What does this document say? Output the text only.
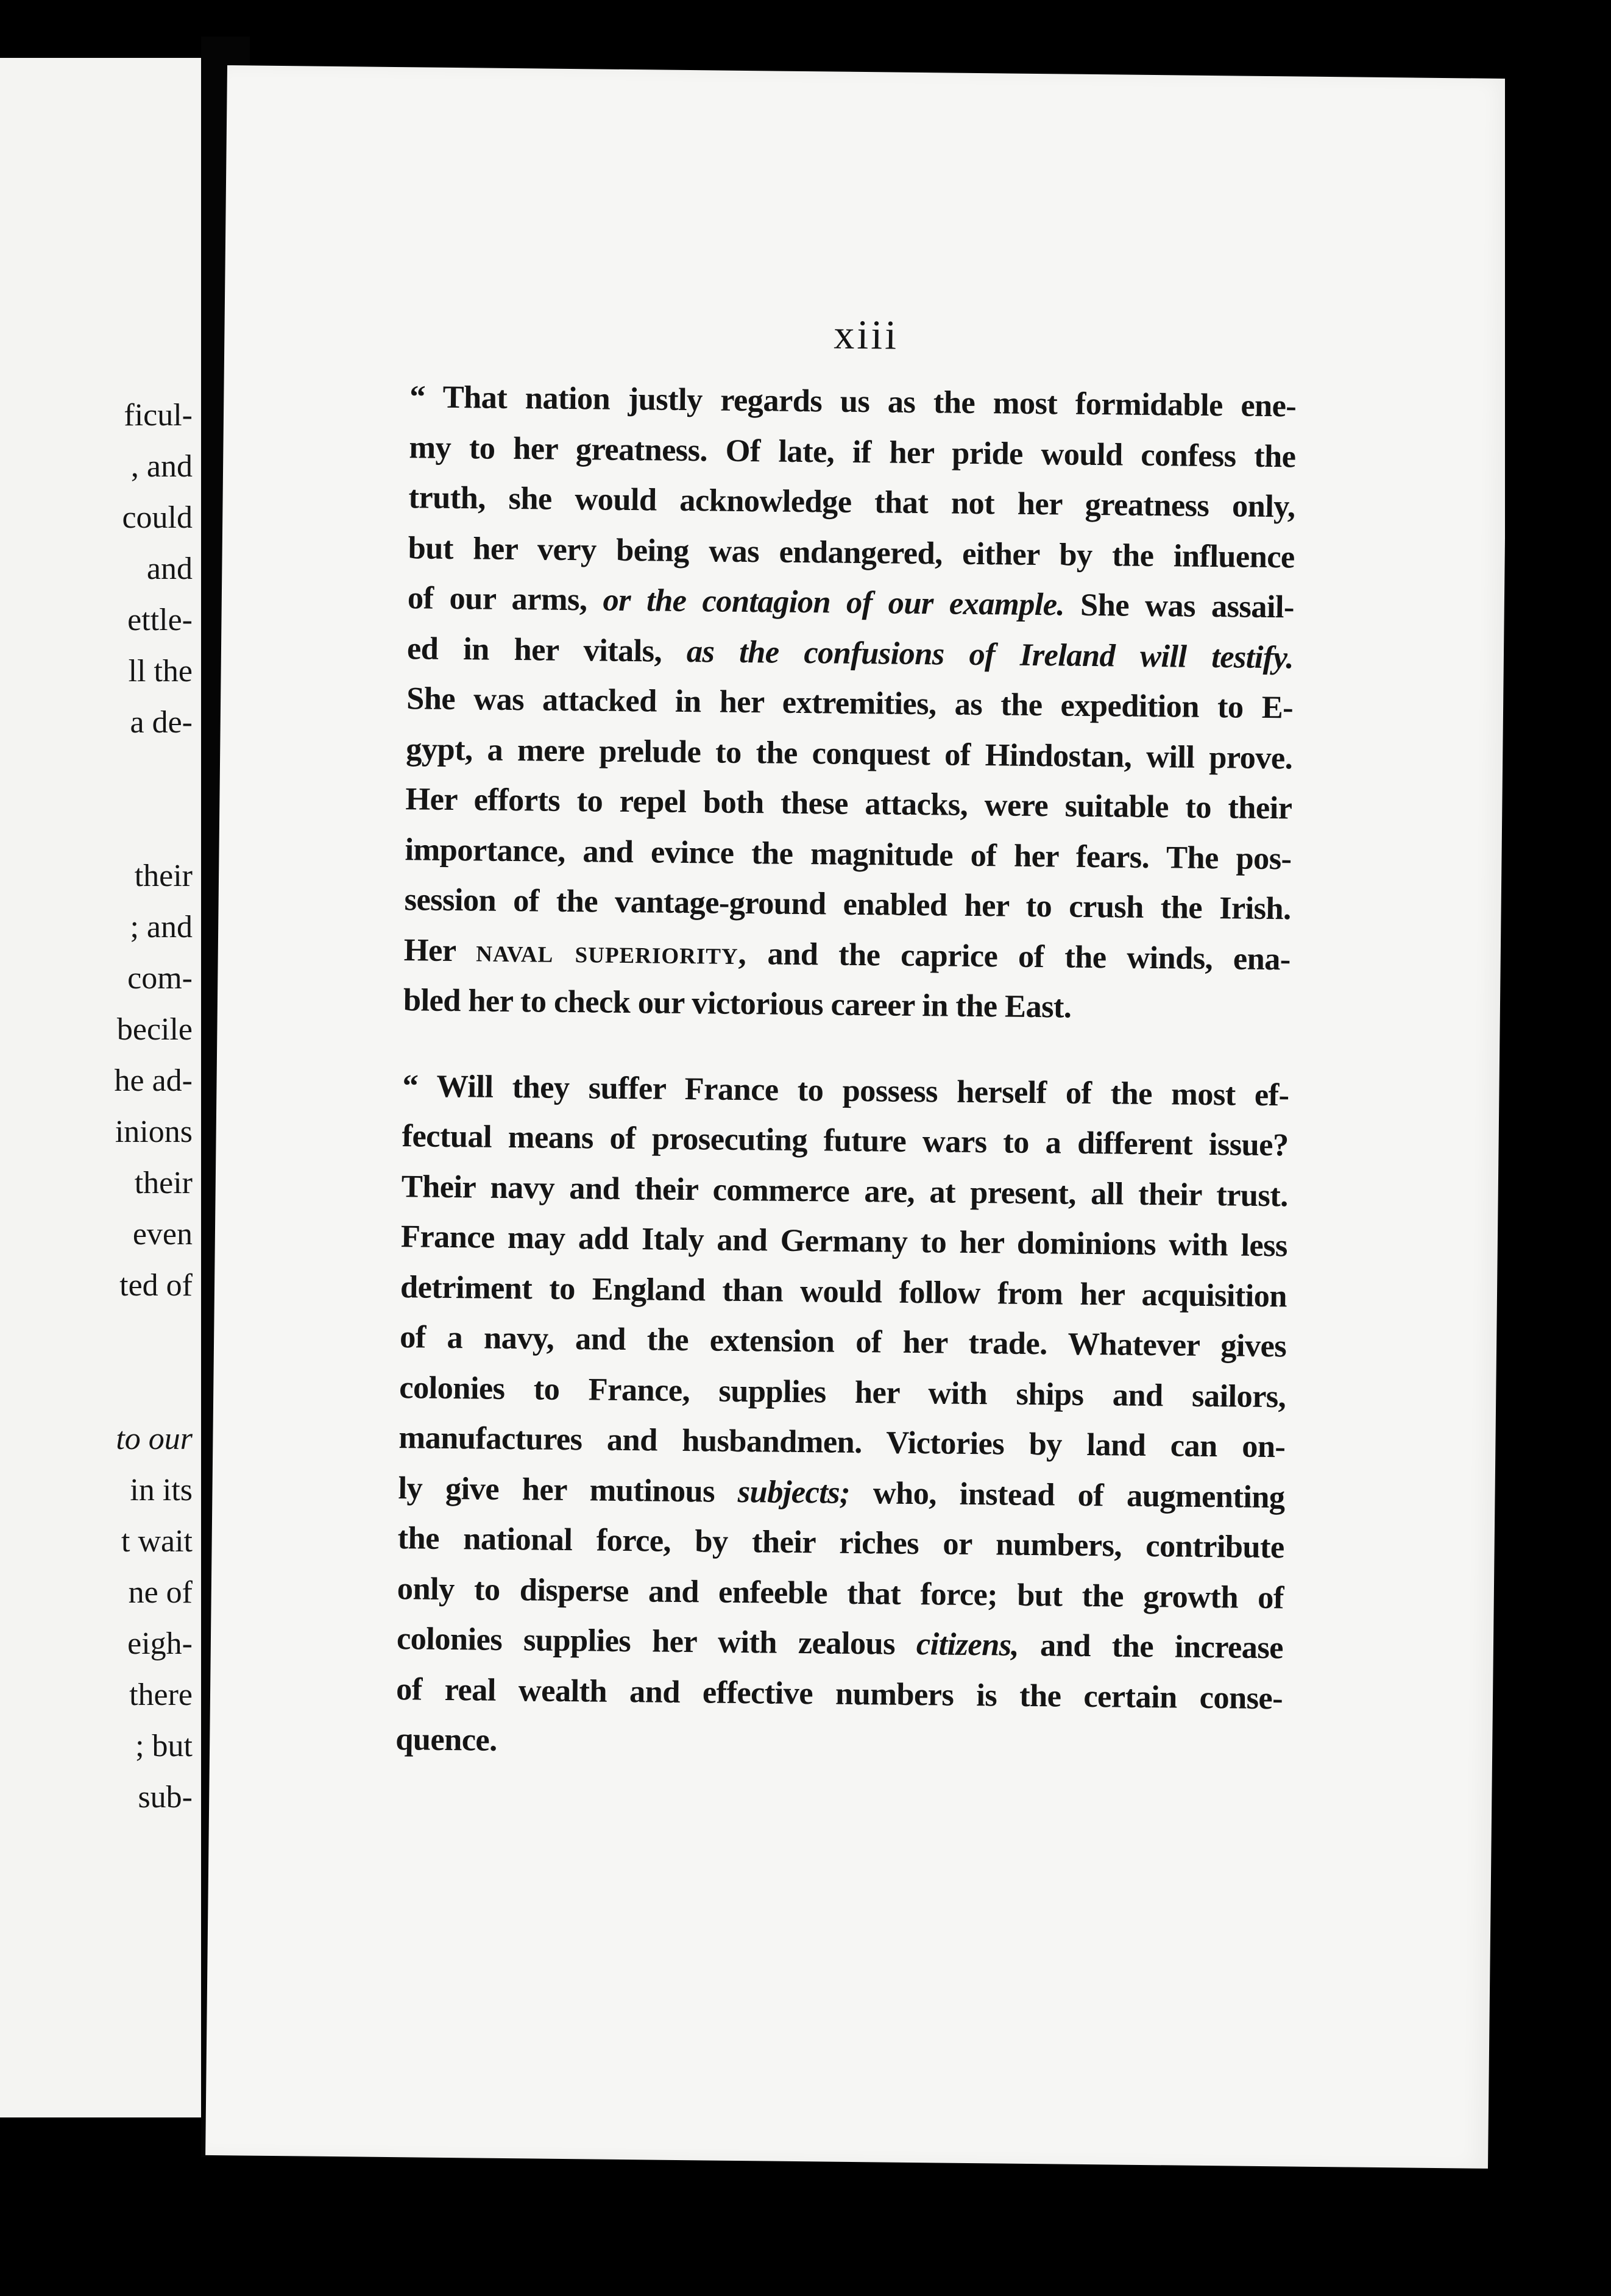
ficul-
, and
could
and
ettle-
ll the
a de-

their
; and
com-
becile
he ad-
inions
their
even
ted of

to our
in its
t wait
ne of
eigh-
there
; but
sub-
xiii
“ That nation justly regards us as the most formidable ene-
my to her greatness. Of late, if her pride would confess the
truth, she would acknowledge that not her greatness only,
but her very being was endangered, either by the influence
of our arms, or the contagion of our example. She was assail-
ed in her vitals, as the confusions of Ireland will testify.
She was attacked in her extremities, as the expedition to E-
gypt, a mere prelude to the conquest of Hindostan, will prove.
Her efforts to repel both these attacks, were suitable to their
importance, and evince the magnitude of her fears. The pos-
session of the vantage-ground enabled her to crush the Irish.
Her naval superiority, and the caprice of the winds, ena-
bled her to check our victorious career in the East.
“ Will they suffer France to possess herself of the most ef-
fectual means of prosecuting future wars to a different issue?
Their navy and their commerce are, at present, all their trust.
France may add Italy and Germany to her dominions with less
detriment to England than would follow from her acquisition
of a navy, and the extension of her trade. Whatever gives
colonies to France, supplies her with ships and sailors,
manufactures and husbandmen. Victories by land can on-
ly give her mutinous subjects; who, instead of augmenting
the national force, by their riches or numbers, contribute
only to disperse and enfeeble that force; but the growth of
colonies supplies her with zealous citizens, and the increase
of real wealth and effective numbers is the certain conse-
quence.
